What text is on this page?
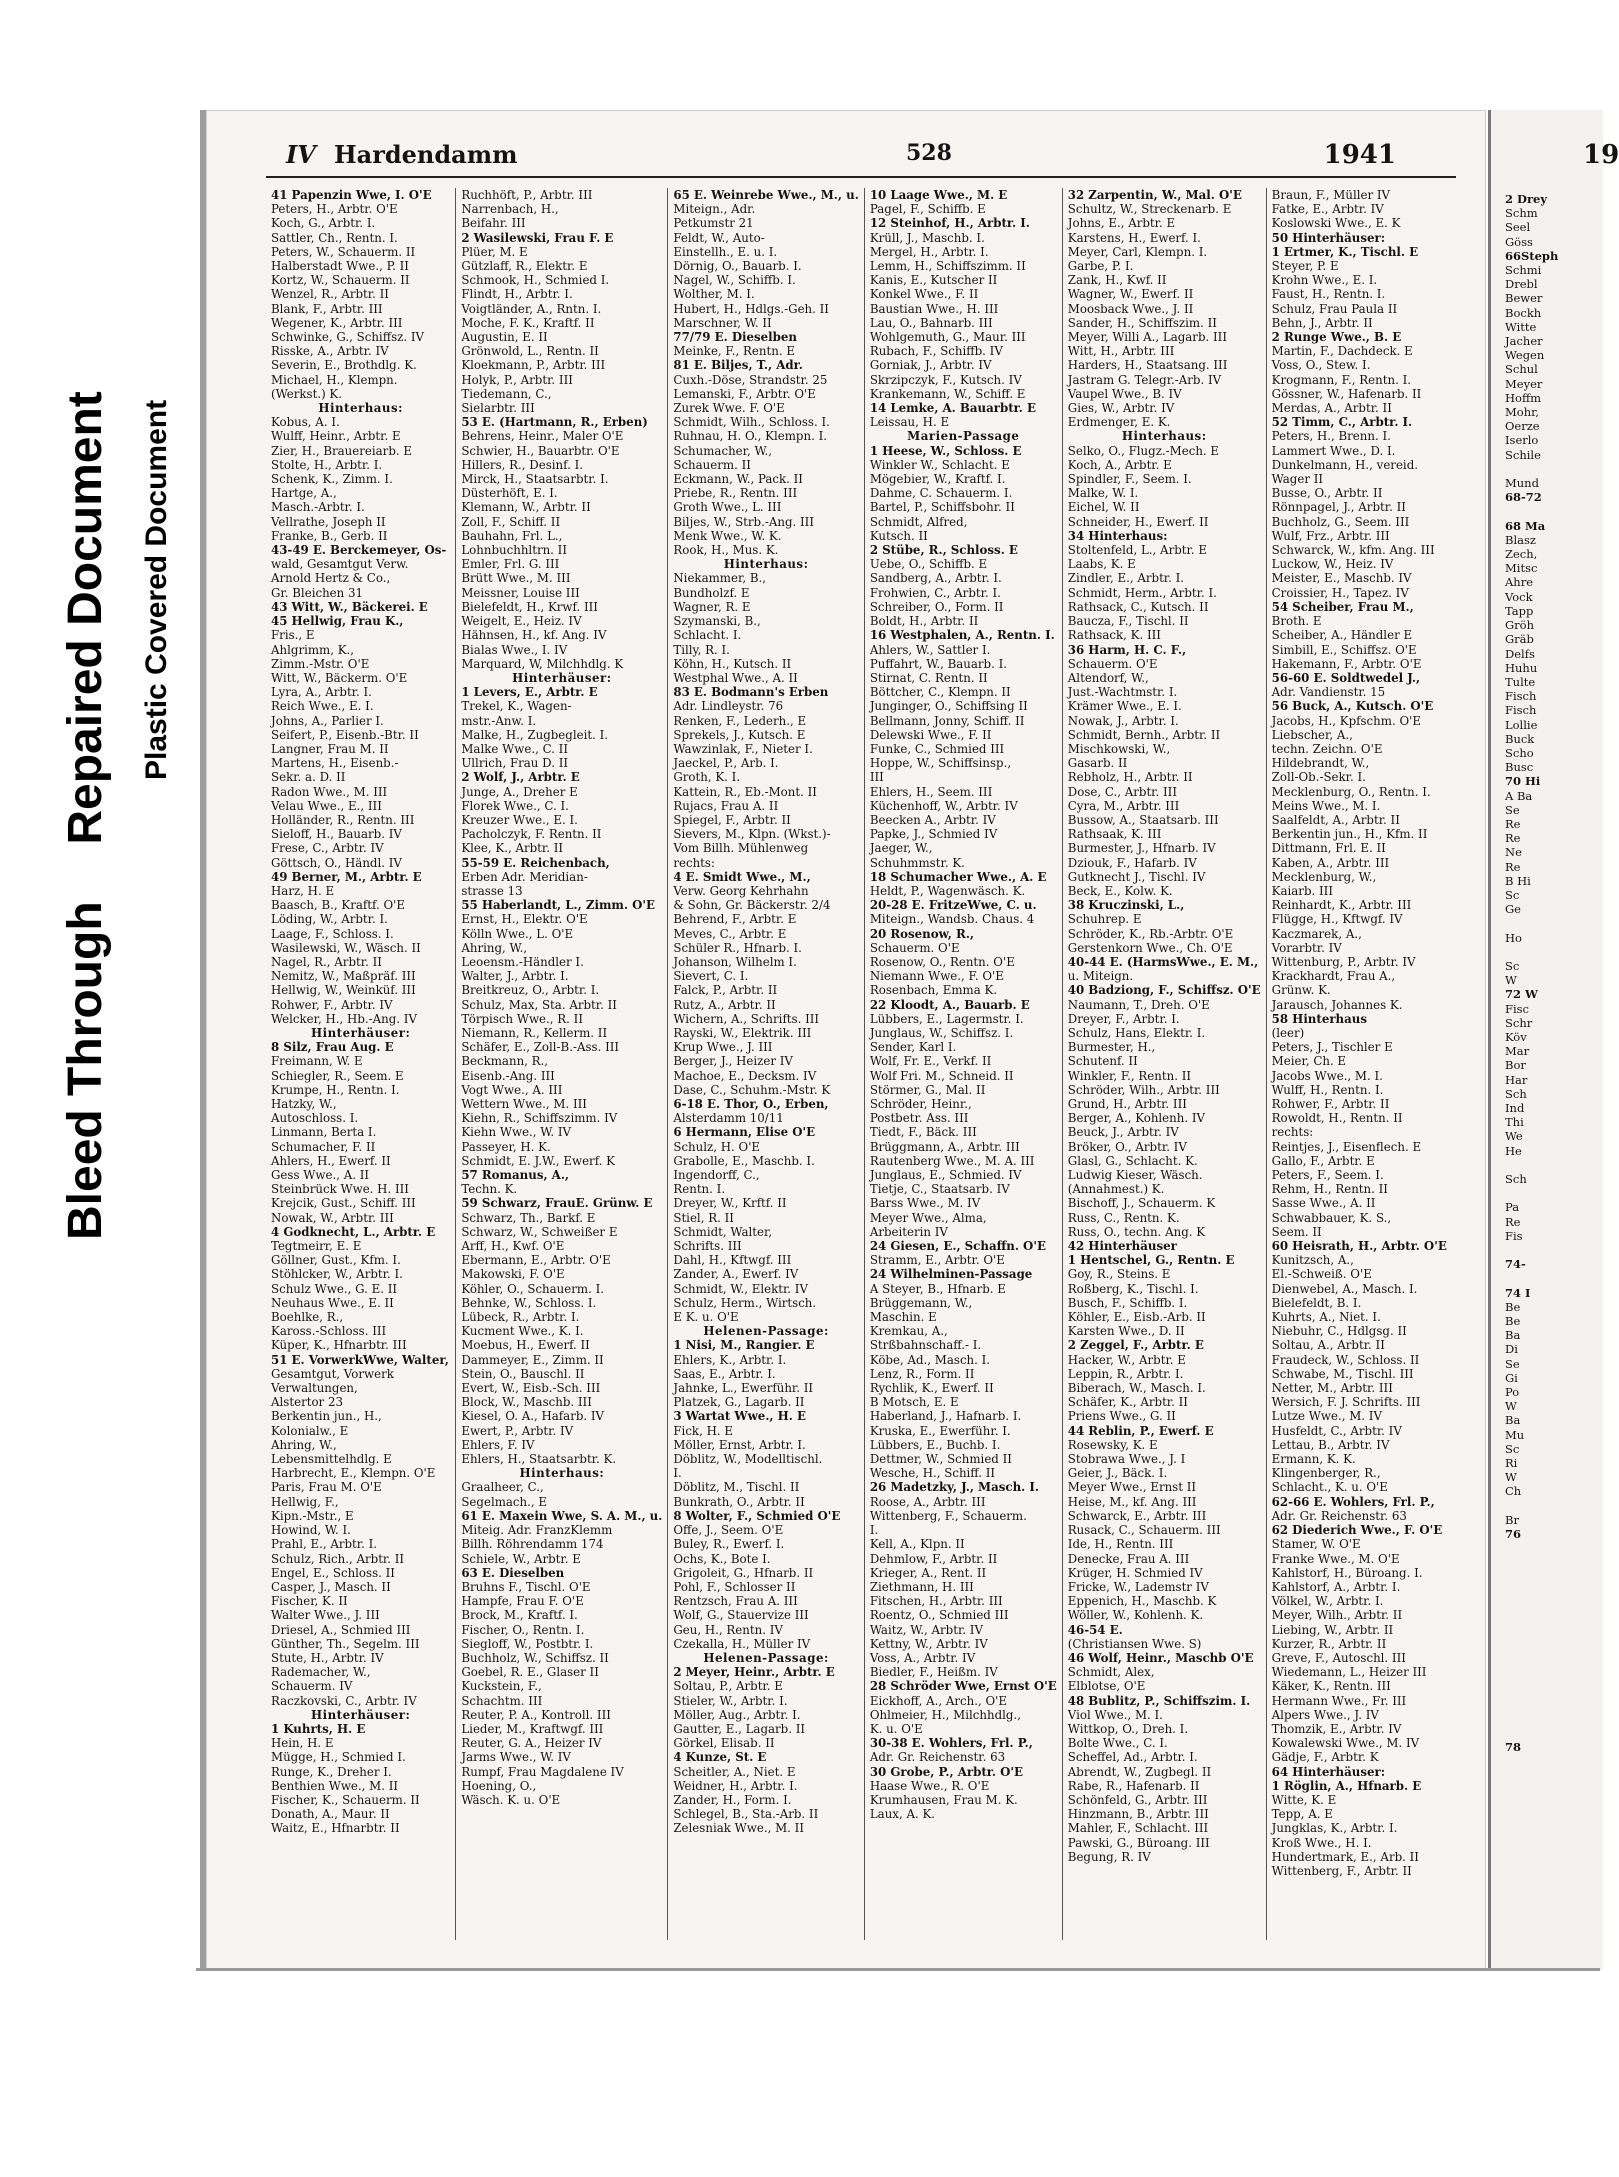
Bleed Through  Repaired Document Plastic Covered Document
IV Hardendamm	528	1941
41 Papenzin Wwe, I. O'E
Peters, H., Arbtr. O'E
Koch, G., Arbtr. I.
Sattler, Ch., Rentn. I.
Peters, W., Schauerm. II
Halberstadt Wwe., P. II
Kortz, W., Schauerm. II
Wenzel, R., Arbtr. II
Blank, F., Arbtr. III
Wegener, K., Arbtr. III
Schwinke, G., Schiffsz. IV
Risske, A., Arbtr. IV
Severin, E., Brothdlg. K.
Michael, H., Klempn.
(Werkst.) K.
Hinterhaus:
Kobus, A. I.
Wulff, Heinr., Arbtr. E
Zier, H., Brauereiarb. E
Stolte, H., Arbtr. I.
Schenk, K., Zimm. I.
Hartge, A.,
Masch.-Arbtr. I.
Vellrathe, Joseph II
Franke, B., Gerb. II
43-49 E. Berckemeyer, Os-
wald, Gesamtgut Verw.
Arnold Hertz & Co.,
Gr. Bleichen 31
43 Witt, W., Bäckerei. E
45 Hellwig, Frau K.,
Fris., E
Ahlgrimm, K.,
Zimm.-Mstr. O'E
Witt, W., Bäckerm. O'E
Lyra, A., Arbtr. I.
Reich Wwe., E. I.
Johns, A., Parlier I.
Seifert, P., Eisenb.-Btr. II
Langner, Frau M. II
Martens, H., Eisenb.-
Sekr. a. D. II
Radon Wwe., M. III
Velau Wwe., E., III
Holländer, R., Rentn. III
Sieloff, H., Bauarb. IV
Frese, C., Arbtr. IV
Göttsch, O., Händl. IV
49 Berner, M., Arbtr. E
Harz, H. E
Baasch, B., Kraftf. O'E
Löding, W., Arbtr. I.
Laage, F., Schloss. I.
Wasilewski, W., Wäsch. II
Nagel, R., Arbtr. II
Nemitz, W., Maßpräf. III
Hellwig, W., Weinküf. III
Rohwer, F., Arbtr. IV
Welcker, H., Hb.-Ang. IV
Hinterhäuser:
8 Silz, Frau Aug. E
Freimann, W. E
Schiegler, R., Seem. E
Krumpe, H., Rentn. I.
Hatzky, W.,
Autoschloss. I.
Linmann, Berta I.
Schumacher, F. II
Ahlers, H., Ewerf. II
Gess Wwe., A. II
Steinbrück Wwe. H. III
Krejcik, Gust., Schiff. III
Nowak, W., Arbtr. III
4 Godknecht, L., Arbtr. E
Tegtmeirr, E. E
Göllner, Gust., Kfm. I.
Stöhlcker, W., Arbtr. I.
Schulz Wwe., G. E. II
Neuhaus Wwe., E. II
Boehlke, R.,
Kaross.-Schloss. III
Küper, K., Hfnarbtr. III
51 E. VorwerkWwe, Walter,
Gesamtgut, Vorwerk
Verwaltungen,
Alstertor 23
Berkentin jun., H.,
Kolonialw., E
Ahring, W.,
Lebensmittelhdlg. E
Harbrecht, E., Klempn. O'E
Paris, Frau M. O'E
Hellwig, F.,
Kipn.-Mstr., E
Howind, W. I.
Prahl, E., Arbtr. I.
Schulz, Rich., Arbtr. II
Engel, E., Schloss. II
Casper, J., Masch. II
Fischer, K. II
Walter Wwe., J. III
Driesel, A., Schmied III
Günther, Th., Segelm. III
Stute, H., Arbtr. IV
Rademacher, W.,
Schauerm. IV
Raczkovski, C., Arbtr. IV
Hinterhäuser:
1 Kuhrts, H. E
Hein, H. E
Mügge, H., Schmied I.
Runge, K., Dreher I.
Benthien Wwe., M. II
Fischer, K., Schauerm. II
Donath, A., Maur. II
Waitz, E., Hfnarbtr. II
Ruchhöft, P., Arbtr. III
Narrenbach, H.,
Beifahr. III
2 Wasilewski, Frau F. E
Plüer, M. E
Gützlaff, R., Elektr. E
Schmook, H., Schmied I.
Flindt, H., Arbtr. I.
Voigtländer, A., Rntn. I.
Moche, F. K., Kraftf. II
Augustin, E. II
Grönwold, L., Rentn. II
Kloekmann, P., Arbtr. III
Holyk, P., Arbtr. III
Tiedemann, C.,
Sielarbtr. III
53 E. (Hartmann, R., Erben)
Behrens, Heinr., Maler O'E
Schwier, H., Bauarbtr. O'E
Hillers, R., Desinf. I.
Mirck, H., Staatsarbtr. I.
Düsterhöft, E. I.
Klemann, W., Arbtr. II
Zoll, F., Schiff. II
Bauhahn, Frl. L.,
Lohnbuchhltrn. II
Emler, Frl. G. III
Brütt Wwe., M. III
Meissner, Louise III
Bielefeldt, H., Krwf. III
Weigelt, E., Heiz. IV
Hähnsen, H., kf. Ang. IV
Bialas Wwe., I. IV
Marquard, W, Milchhdlg. K
Hinterhäuser:
1 Levers, E., Arbtr. E
Trekel, K., Wagen-
mstr.-Anw. I.
Malke, H., Zugbegleit. I.
Malke Wwe., C. II
Ullrich, Frau D. II
2 Wolf, J., Arbtr. E
Junge, A., Dreher E
Florek Wwe., C. I.
Kreuzer Wwe., E. I.
Pacholczyk, F. Rentn. II
Klee, K., Arbtr. II
55-59 E. Reichenbach,
Erben Adr. Meridian-
strasse 13
55 Haberlandt, L., Zimm. O'E
Ernst, H., Elektr. O'E
Kölln Wwe., L. O'E
Ahring, W.,
Leoensm.-Händler I.
Walter, J., Arbtr. I.
Breitkreuz, O., Arbtr. I.
Schulz, Max, Sta. Arbtr. II
Törpisch Wwe., R. II
Niemann, R., Kellerm. II
Schäfer, E., Zoll-B.-Ass. III
Beckmann, R.,
Eisenb.-Ang. III
Vogt Wwe., A. III
Wettern Wwe., M. III
Kiehn, R., Schiffszimm. IV
Kiehn Wwe., W. IV
Passeyer, H. K.
Schmidt, E. J.W., Ewerf. K
57 Romanus, A.,
Techn. K.
59 Schwarz, FrauE. Grünw. E
Schwarz, Th., Barkf. E
Schwarz, W., Schweißer E
Arff, H., Kwf. O'E
Ebermann, E., Arbtr. O'E
Makowski, F. O'E
Köhler, O., Schauerm. I.
Behnke, W., Schloss. I.
Lübeck, R., Arbtr. I.
Kucment Wwe., K. I.
Moebus, H., Ewerf. II
Dammeyer, E., Zimm. II
Stein, O., Bauschl. II
Evert, W., Eisb.-Sch. III
Block, W., Maschb. III
Kiesel, O. A., Hafarb. IV
Ewert, P., Arbtr. IV
Ehlers, F. IV
Ehlers, H., Staatsarbtr. K.
Hinterhaus:
Graalheer, C.,
Segelmach., E
61 E. Maxein Wwe, S. A. M., u.
Miteig. Adr. FranzKlemm
Billh. Röhrendamm 174
Schiele, W., Arbtr. E
63 E. Dieselben
Bruhns F., Tischl. O'E
Hampfe, Frau F. O'E
Brock, M., Kraftf. I.
Fischer, O., Rentn. I.
Siegloff, W., Postbtr. I.
Buchholz, W., Schiffsz. II
Goebel, R. E., Glaser II
Kuckstein, F.,
Schachtm. III
Reuter, P. A., Kontroll. III
Lieder, M., Kraftwgf. III
Reuter, G. A., Heizer IV
Jarms Wwe., W. IV
Rumpf, Frau Magdalene IV
Hoening, O.,
Wäsch. K. u. O'E
65 E. Weinrebe Wwe., M., u.
Miteign., Adr.
Petkumstr 21
Feldt, W., Auto-
Einstellh., E. u. I.
Dörnig, O., Bauarb. I.
Nagel, W., Schiffb. I.
Wolther, M. I.
Hubert, H., Hdlgs.-Geh. II
Marschner, W. II
77/79 E. Dieselben
Meinke, F., Rentn. E
81 E. Biljes, T., Adr.
Cuxh.-Döse, Strandstr. 25
Lemanski, F., Arbtr. O'E
Zurek Wwe. F. O'E
Schmidt, Wilh., Schloss. I.
Ruhnau, H. O., Klempn. I.
Schumacher, W.,
Schauerm. II
Eckmann, W., Pack. II
Priebe, R., Rentn. III
Groth Wwe., L. III
Biljes, W., Strb.-Ang. III
Menk Wwe., W. K.
Rook, H., Mus. K.
Hinterhaus:
Niekammer, B.,
Bundholzf. E
Wagner, R. E
Szymanski, B.,
Schlacht. I.
Tilly, R. I.
Köhn, H., Kutsch. II
Westphal Wwe., A. II
83 E. Bodmann's Erben
Adr. Lindleystr. 76
Renken, F., Lederh., E
Sprekels, J., Kutsch. E
Wawzinlak, F., Nieter I.
Jaeckel, P., Arb. I.
Groth, K. I.
Kattein, R., Eb.-Mont. II
Rujacs, Frau A. II
Spiegel, F., Arbtr. II
Sievers, M., Klpn. (Wkst.)-
Vom Billh. Mühlenweg
rechts:
4 E. Smidt Wwe., M.,
Verw. Georg Kehrhahn
& Sohn, Gr. Bäckerstr. 2/4
Behrend, F., Arbtr. E
Meves, C., Arbtr. E
Schüler R., Hfnarb. I.
Johanson, Wilhelm I.
Sievert, C. I.
Falck, P., Arbtr. II
Rutz, A., Arbtr. II
Wichern, A., Schrifts. III
Rayski, W., Elektrik. III
Krup Wwe., J. III
Berger, J., Heizer IV
Machoe, E., Decksm. IV
Dase, C., Schuhm.-Mstr. K
6-18 E. Thor, O., Erben,
Alsterdamm 10/11
6 Hermann, Elise O'E
Schulz, H. O'E
Grabolle, E., Maschb. I.
Ingendorff, C.,
Rentn. I.
Dreyer, W., Krftf. II
Stiel, R. II
Schmidt, Walter,
Schrifts. III
Dahl, H., Kftwgf. III
Zander, A., Ewerf. IV
Schmidt, W., Elektr. IV
Schulz, Herm., Wirtsch.
E K. u. O'E
Helenen-Passage:
1 Nisi, M., Rangier. E
Ehlers, K., Arbtr. I.
Saas, E., Arbtr. I.
Jahnke, L., Ewerführ. II
Platzek, G., Lagarb. II
3 Wartat Wwe., H. E
Fick, H. E
Möller, Ernst, Arbtr. I.
Döblitz, W., Modelltischl.
I.
Döblitz, M., Tischl. II
Bunkrath, O., Arbtr. II
8 Wolter, F., Schmied O'E
Offe, J., Seem. O'E
Buley, R., Ewerf. I.
Ochs, K., Bote I.
Grigoleit, G., Hfnarb. II
Pohl, F., Schlosser II
Rentzsch, Frau A. III
Wolf, G., Stauervize III
Geu, H., Rentn. IV
Czekalla, H., Müller IV
Helenen-Passage:
2 Meyer, Heinr., Arbtr. E
Soltau, P., Arbtr. E
Stieler, W., Arbtr. I.
Möller, Aug., Arbtr. I.
Gautter, E., Lagarb. II
Görkel, Elisab. II
4 Kunze, St. E
Scheitler, A., Niet. E
Weidner, H., Arbtr. I.
Zander, H., Form. I.
Schlegel, B., Sta.-Arb. II
Zelesniak Wwe., M. II
10 Laage Wwe., M. E
Pagel, F., Schiffb. E
12 Steinhof, H., Arbtr. I.
Krüll, J., Maschb. I.
Mergel, H., Arbtr. I.
Lemm, H., Schiffszimm. II
Kanis, E., Kutscher II
Konkel Wwe., F. II
Baustian Wwe., H. III
Lau, O., Bahnarb. III
Wohlgemuth, G., Maur. III
Rubach, F., Schiffb. IV
Gorniak, J., Arbtr. IV
Skrzipczyk, F., Kutsch. IV
Krankemann, W., Schiff. E
14 Lemke, A. Bauarbtr. E
Leissau, H. E
Marien-Passage
1 Heese, W., Schloss. E
Winkler W., Schlacht. E
Mögebier, W., Kraftf. I.
Dahme, C. Schauerm. I.
Bartel, P., Schiffsbohr. II
Schmidt, Alfred,
Kutsch. II
2 Stübe, R., Schloss. E
Uebe, O., Schiffb. E
Sandberg, A., Arbtr. I.
Frohwien, C., Arbtr. I.
Schreiber, O., Form. II
Boldt, H., Arbtr. II
16 Westphalen, A., Rentn. I.
Ahlers, W., Sattler I.
Puffahrt, W., Bauarb. I.
Stirnat, C. Rentn. II
Böttcher, C., Klempn. II
Junginger, O., Schiffsing II
Bellmann, Jonny, Schiff. II
Delewski Wwe., F. II
Funke, C., Schmied III
Hoppe, W., Schiffsinsp.,
III
Ehlers, H., Seem. III
Küchenhoff, W., Arbtr. IV
Beecken A., Arbtr. IV
Papke, J., Schmied IV
Jaeger, W.,
Schuhmmstr. K.
18 Schumacher Wwe., A. E
Heldt, P., Wagenwäsch. K.
20-28 E. FritzeWwe, C. u.
Miteign., Wandsb. Chaus. 4
20 Rosenow, R.,
Schauerm. O'E
Rosenow, O., Rentn. O'E
Niemann Wwe., F. O'E
Rosenbach, Emma K.
22 Kloodt, A., Bauarb. E
Lübbers, E., Lagermstr. I.
Junglaus, W., Schiffsz. I.
Sender, Karl I.
Wolf, Fr. E., Verkf. II
Wolf Fri. M., Schneid. II
Störmer, G., Mal. II
Schröder, Heinr.,
Postbetr. Ass. III
Tiedt, F., Bäck. III
Brüggmann, A., Arbtr. III
Rautenberg Wwe., M. A. III
Junglaus, E., Schmied. IV
Tietje, C., Staatsarb. IV
Barss Wwe., M. IV
Meyer Wwe., Alma,
Arbeiterin IV
24 Giesen, E., Schaffn. O'E
Stramm, E., Arbtr. O'E
24 Wilhelminen-Passage
A Steyer, B., Hfnarb. E
Brüggemann, W.,
Maschin. E
Kremkau, A.,
Strßbahnschaff.- I.
Köbe, Ad., Masch. I.
Lenz, R., Form. II
Rychlik, K., Ewerf. II
B Motsch, E. E
Haberland, J., Hafnarb. I.
Kruska, E., Ewerführ. I.
Lübbers, E., Buchb. I.
Dettmer, W., Schmied II
Wesche, H., Schiff. II
26 Madetzky, J., Masch. I.
Roose, A., Arbtr. III
Wittenberg, F., Schauerm.
I.
Kell, A., Klpn. II
Dehmlow, F., Arbtr. II
Krieger, A., Rent. II
Ziethmann, H. III
Fitschen, H., Arbtr. III
Roentz, O., Schmied III
Waitz, W., Arbtr. IV
Kettny, W., Arbtr. IV
Voss, A., Arbtr. IV
Biedler, F., Heißm. IV
28 Schröder Wwe, Ernst O'E
Eickhoff, A., Arch., O'E
Ohlmeier, H., Milchhdlg.,
K. u. O'E
30-38 E. Wohlers, Frl. P.,
Adr. Gr. Reichenstr. 63
30 Grobe, P., Arbtr. O'E
Haase Wwe., R. O'E
Krumhausen, Frau M. K.
Laux, A. K.
32 Zarpentin, W., Mal. O'E
Schultz, W., Streckenarb. E
Johns, E., Arbtr. E
Karstens, H., Ewerf. I.
Meyer, Carl, Klempn. I.
Garbe, P. I.
Zank, H., Kwf. II
Wagner, W., Ewerf. II
Moosback Wwe., J. II
Sander, H., Schiffszim. II
Meyer, Willi A., Lagarb. III
Witt, H., Arbtr. III
Harders, H., Staatsang. III
Jastram G. Telegr.-Arb. IV
Vaupel Wwe., B. IV
Gies, W., Arbtr. IV
Erdmenger, E. K.
Hinterhaus:
Selko, O., Flugz.-Mech. E
Koch, A., Arbtr. E
Spindler, F., Seem. I.
Malke, W. I.
Eichel, W. II
Schneider, H., Ewerf. II
34 Hinterhaus:
Stoltenfeld, L., Arbtr. E
Laabs, K. E
Zindler, E., Arbtr. I.
Schmidt, Herm., Arbtr. I.
Rathsack, C., Kutsch. II
Baucza, F., Tischl. II
Rathsack, K. III
36 Harm, H. C. F.,
Schauerm. O'E
Altendorf, W.,
Just.-Wachtmstr. I.
Krämer Wwe., E. I.
Nowak, J., Arbtr. I.
Schmidt, Bernh., Arbtr. II
Mischkowski, W.,
Gasarb. II
Rebholz, H., Arbtr. II
Dose, C., Arbtr. III
Cyra, M., Arbtr. III
Bussow, A., Staatsarb. III
Rathsaak, K. III
Burmester, J., Hfnarb. IV
Dziouk, F., Hafarb. IV
Gutknecht J., Tischl. IV
Beck, E., Kolw. K.
38 Kruczinski, L.,
Schuhrep. E
Schröder, K., Rb.-Arbtr. O'E
Gerstenkorn Wwe., Ch. O'E
40-44 E. (HarmsWwe., E. M.,
u. Miteign.
40 Badziong, F., Schiffsz. O'E
Naumann, T., Dreh. O'E
Dreyer, F., Arbtr. I.
Schulz, Hans, Elektr. I.
Burmester, H.,
Schutenf. II
Winkler, F., Rentn. II
Schröder, Wilh., Arbtr. III
Grund, H., Arbtr. III
Berger, A., Kohlenh. IV
Beuck, J., Arbtr. IV
Bröker, O., Arbtr. IV
Glasl, G., Schlacht. K.
Ludwig Kieser, Wäsch.
(Annahmest.) K.
Bischoff, J., Schauerm. K
Russ, C., Rentn. K.
Russ, O., techn. Ang. K
42 Hinterhäuser
1 Hentschel, G., Rentn. E
Goy, R., Steins. E
Roßberg, K., Tischl. I.
Busch, F., Schiffb. I.
Köhler, E., Eisb.-Arb. II
Karsten Wwe., D. II
2 Zeggel, F., Arbtr. E
Hacker, W., Arbtr. E
Leppin, R., Arbtr. I.
Biberach, W., Masch. I.
Schäfer, K., Arbtr. II
Priens Wwe., G. II
44 Reblin, P., Ewerf. E
Rosewsky, K. E
Stobrawa Wwe., J. I
Geier, J., Bäck. I.
Meyer Wwe., Ernst II
Heise, M., kf. Ang. III
Schwarck, E., Arbtr. III
Rusack, C., Schauerm. III
Ide, H., Rentn. III
Denecke, Frau A. III
Krüger, H. Schmied IV
Fricke, W., Lademstr IV
Eppenich, H., Maschb. K
Wöller, W., Kohlenh. K.
46-54 E.
(Christiansen Wwe. S)
46 Wolf, Heinr., Maschb O'E
Schmidt, Alex,
Elblotse, O'E
48 Bublitz, P., Schiffszim. I.
Viol Wwe., M. I.
Wittkop, O., Dreh. I.
Bolte Wwe., C. I.
Scheffel, Ad., Arbtr. I.
Abrendt, W., Zugbegl. II
Rabe, R., Hafenarb. II
Schönfeld, G., Arbtr. III
Hinzmann, B., Arbtr. III
Mahler, F., Schlacht. III
Pawski, G., Büroang. III
Begung, R. IV
Braun, F., Müller IV
Fatke, E., Arbtr. IV
Koslowski Wwe., E. K
50 Hinterhäuser:
1 Ertmer, K., Tischl. E
Steyer, P. E
Krohn Wwe., E. I.
Faust, H., Rentn. I.
Schulz, Frau Paula II
Behn, J., Arbtr. II
2 Runge Wwe., B. E
Martin, F., Dachdeck. E
Voss, O., Stew. I.
Krogmann, F., Rentn. I.
Gössner, W., Hafenarb. II
Merdas, A., Arbtr. II
52 Timm, C., Arbtr. I.
Peters, H., Brenn. I.
Lammert Wwe., D. I.
Dunkelmann, H., vereid.
Wager II
Busse, O., Arbtr. II
Rönnpagel, J., Arbtr. II
Buchholz, G., Seem. III
Wulf, Frz., Arbtr. III
Schwarck, W., kfm. Ang. III
Luckow, W., Heiz. IV
Meister, E., Maschb. IV
Croissier, H., Tapez. IV
54 Scheiber, Frau M.,
Broth. E
Scheiber, A., Händler E
Simbill, E., Schiffsz. O'E
Hakemann, F., Arbtr. O'E
56-60 E. Soldtwedel J.,
Adr. Vandienstr. 15
56 Buck, A., Kutsch. O'E
Jacobs, H., Kpfschm. O'E
Liebscher, A.,
techn. Zeichn. O'E
Hildebrandt, W.,
Zoll-Ob.-Sekr. I.
Mecklenburg, O., Rentn. I.
Meins Wwe., M. I.
Saalfeldt, A., Arbtr. II
Berkentin jun., H., Kfm. II
Dittmann, Frl. E. II
Kaben, A., Arbtr. III
Mecklenburg, W.,
Kaiarb. III
Reinhardt, K., Arbtr. III
Flügge, H., Kftwgf. IV
Kaczmarek, A.,
Vorarbtr. IV
Wittenburg, P., Arbtr. IV
Krackhardt, Frau A.,
Grünw. K.
Jarausch, Johannes K.
58 Hinterhaus
(leer)
Peters, J., Tischler E
Meier, Ch. E
Jacobs Wwe., M. I.
Wulff, H., Rentn. I.
Rohwer, F., Arbtr. II
Rowoldt, H., Rentn. II
rechts:
Reintjes, J., Eisenflech. E
Gallo, F., Arbtr. E
Peters, F., Seem. I.
Rehm, H., Rentn. II
Sasse Wwe., A. II
Schwabbauer, K. S.,
Seem. II
60 Heisrath, H., Arbtr. O'E
Kunitzsch, A.,
El.-Schweiß. O'E
Dienwebel, A., Masch. I.
Bielefeldt, B. I.
Kuhrts, A., Niet. I.
Niebuhr, C., Hdlgsg. II
Soltau, A., Arbtr. II
Fraudeck, W., Schloss. II
Schwabe, M., Tischl. III
Netter, M., Arbtr. III
Wersich, F. J. Schrifts. III
Lutze Wwe., M. IV
Husfeldt, C., Arbtr. IV
Lettau, B., Arbtr. IV
Ermann, K. K.
Klingenberger, R.,
Schlacht., K. u. O'E
62-66 E. Wohlers, Frl. P.,
Adr. Gr. Reichenstr. 63
62 Diederich Wwe., F. O'E
Stamer, W. O'E
Franke Wwe., M. O'E
Kahlstorf, H., Büroang. I.
Kahlstorf, A., Arbtr. I.
Völkel, W., Arbtr. I.
Meyer, Wilh., Arbtr. II
Liebing, W., Arbtr. II
Kurzer, R., Arbtr. II
Greve, F., Autoschl. III
Wiedemann, L., Heizer III
Käker, K., Rentn. III
Hermann Wwe., Fr. III
Alpers Wwe., J. IV
Thomzik, E., Arbtr. IV
Kowalewski Wwe., M. IV
Gädje, F., Arbtr. K
64 Hinterhäuser:
1 Röglin, A., Hfnarb. E
Witte, K. E
Tepp, A. E
Jungklas, K., Arbtr. I.
Kroß Wwe., H. I.
Hundertmark, E., Arb. II
Wittenberg, F., Arbtr. II
19
2 Drey
Schm
Seel
Göss
66Steph
Schmi
Drebl
Bewer
Bockh
Witte
Jacher
Wegen
Schul
Meyer
Hoffm
Mohr,
Oerze
Iserlo
Schile

Mund
68-72

68 Ma
Blasz
Zech,
Mitsc
Ahre
Vock
Tapp
Gröh
Gräb
Delfs
Huhu
Tulte
Fisch
Fisch
Lollie
Buck
Scho
Busc
70 Hi
A Ba
Se
Re
Re
Ne
Re
B Hi
Sc
Ge

Ho

Sc
W
72 W
Fisc
Schr
Köv
Mar
Bor
Har
Sch
Ind
Thi
We
He

Sch

Pa
Re
Fis

74-

74 I
Be
Be
Ba
Di
Se
Gi
Po
W
Ba
Mu
Sc
Ri
W
Ch

Br
76

78
